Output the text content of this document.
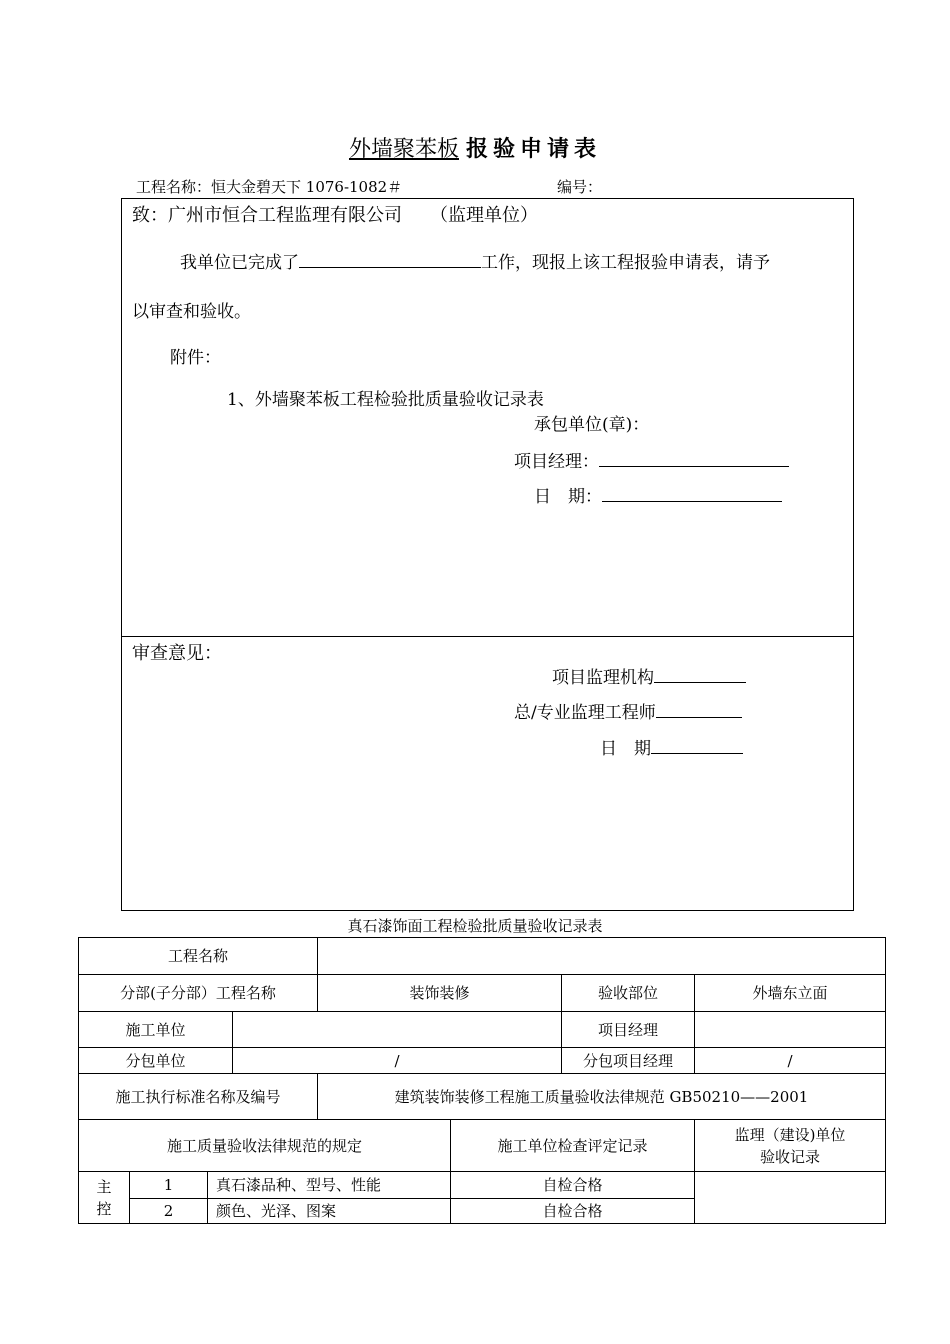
外墙聚苯板 报验申请表
工程名称：恒大金碧天下 1076-1082＃	编号：
致：广州市恒合工程监理有限公司 （监理单位）
我单位已完成了	工作，现报上该工程报验申请表，请予
以审查和验收。
附件：
1、外墙聚苯板工程检验批质量验收记录表
承包单位(章)：
项目经理：
日　期：
审查意见：
项目监理机构
总/专业监理工程师
日　期
真石漆饰面工程检验批质量验收记录表
工程名称							
分部(子分部）工程名称				装饰装修		验收部位	外墙东立面
施工单位						项目经理	
分包单位			/			分包项目经理	/
施工执行标准名称及编号				建筑装饰装修工程施工质量验收法律规范 GB50210——2001			
施工质量验收法律规范的规定					施工单位检查评定记录		监理（建设)单位
验收记录

主
控	1	真石漆品种、型号、性能			自检合格		
	2	颜色、光泽、图案			自检合格		
